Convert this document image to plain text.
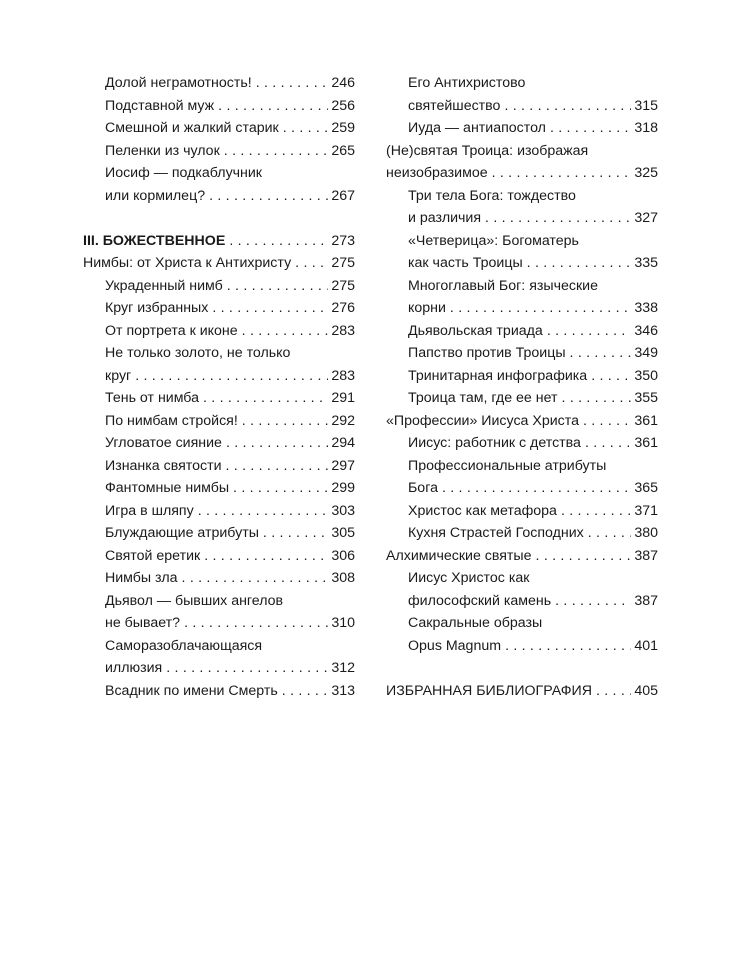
Долой неграмотность! . . .	246
Подставной муж . . .	256
Смешной и жалкий старик . . .	259
Пеленки из чулок . . .	265
Иосиф — подкаблучник
или кормилец? . . .	267
III. БОЖЕСТВЕННОЕ . . .	273
Нимбы: от Христа к Антихристу . . .	275
Украденный нимб . . .	275
Круг избранных . . .	276
От портрета к иконе . . .	283
Не только золото, не только
круг . . .	283
Тень от нимба . . .	291
По нимбам стройся! . . .	292
Угловатое сияние . . .	294
Изнанка святости . . .	297
Фантомные нимбы . . .	299
Игра в шляпу . . .	303
Блуждающие атрибуты . . .	305
Святой еретик . . .	306
Нимбы зла . . .	308
Дьявол — бывших ангелов
не бывает? . . .	310
Саморазоблачающаяся
иллюзия . . .	312
Всадник по имени Смерть . . .	313
Его Антихристово
святейшество . . .	315
Иуда — антиапостол . . .	318
(Не)святая Троица: изображая
неизобразимое . . .	325
Три тела Бога: тождество
и различия . . .	327
«Четверица»: Богоматерь
как часть Троицы . . .	335
Многоглавый Бог: языческие
корни . . .	338
Дьявольская триада . . .	346
Папство против Троицы . . .	349
Тринитарная инфографика . . .	350
Троица там, где ее нет . . .	355
«Профессии» Иисуса Христа . . .	361
Иисус: работник с детства . . .	361
Профессиональные атрибуты
Бога . . .	365
Христос как метафора . . .	371
Кухня Страстей Господних . . .	380
Алхимические святые . . .	387
Иисус Христос как
философский камень . . .	387
Сакральные образы
Opus Magnum . . .	401
ИЗБРАННАЯ БИБЛИОГРАФИЯ . . .	405
